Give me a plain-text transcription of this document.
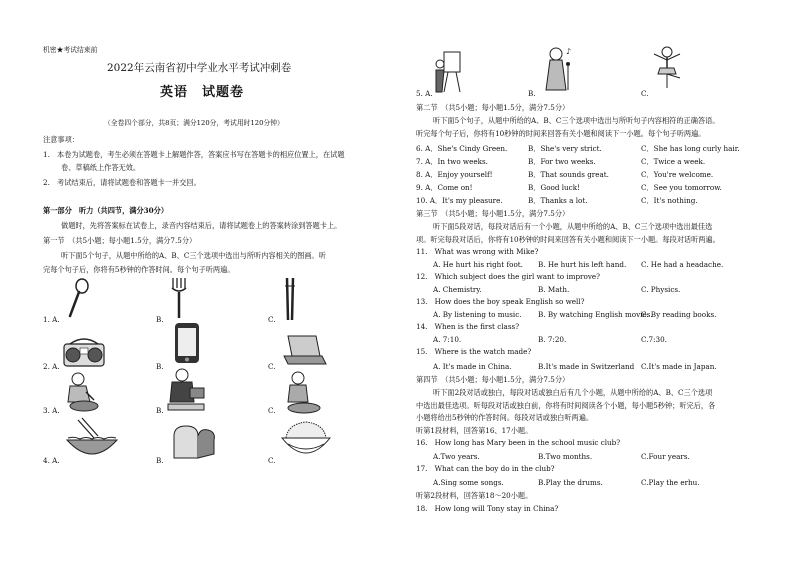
机密★考试结束前
2022年云南省初中学业水平考试冲刺卷
英语　试题卷
（全卷四个部分，共8页；满分120分，考试用时120分钟）
注意事项：
1.　本卷为试题卷，考生必须在答题卡上解题作答，答案应书写在答题卡的相应位置上，在试题
卷、草稿纸上作答无效。
2.　考试结束后，请将试题卷和答题卡一并交回。
第一部分　听力（共四节，满分30分）
做题时，先将答案标在试卷上，录音内容结束后，请将试题卷上的答案转涂到答题卡上。
第一节　（共5小题；每小题1.5分，满分7.5分）
听下面5个句子，从题中所给的A、B、C三个选项中选出与所听内容相关的图画。听
完每个句子后，你将有5秒钟的作答时间。每个句子听两遍。
1. A.	B.	C.
2. A.	B.	C.
3. A.	B.	C.
4. A.	B.	C.
5. A.	B.	C.
♪
第二节　（共5小题；每小题1.5分，满分7.5分）
听下面5个句子，从题中所给的A、B、C三个选项中选出与所听句子内容相符的正确答语。
听完每个句子后，你将有10秒钟的时间来回答有关小题和阅读下一小题。每个句子听两遍。
6. A．She's Cindy Green.	B．She's very strict.	C．She has long curly hair.
7. A．In two weeks.	B．For two weeks.	C．Twice a week.
8. A．Enjoy yourself!	B．That sounds great.	C．You're welcome.
9. A．Come on!	B．Good luck!	C．See you tomorrow.
10. A．It's my pleasure.	B．Thanks a lot.	C．It's nothing.
第三节　（共5小题；每小题1.5分，满分7.5分）
听下面5段对话，每段对话后有一个小题，从题中所给的A、B、C三个选项中选出最佳选
项。听完每段对话后，你将有10秒钟的时间来回答有关小题和阅读下一小题。每段对话听两遍。
11.　What was wrong with Mike?
A. He hurt his right foot. B. He hurt his left hand. C. He had a headache.
12.　Which subject does the girl want to improve?
A. Chemistry.	B. Math.	C. Physics.
13.　How does the boy speak English so well?
A. By listening to music. B. By watching English movies.
C. By reading books.
14.　When is the first class?
A. 7:10.	B. 7:20.	C.7:30.
15.　Where is the watch made?
A. It's made in China.	B.It's made in Switzerland C.It's made in Japan.
第四节　（共5小题；每小题1.5分，满分7.5分）
听下面2段对话或独白，每段对话或独白后有几个小题，从题中所给的A、B、C三个选项
中选出最佳选项。听每段对话或独白前，你将有时间阅读各个小题，每小题5秒钟；听完后，各
小题将给出5秒钟的作答时间。每段对话或独白听两遍。
听第1段材料，回答第16、17小题。
16.　How long has Mary been in the school music club?
A.Two years.	B.Two months.	C.Four years.
17.　What can the boy do in the club?
A.Sing some songs.	B.Play the drums.	C.Play the erhu.
听第2段材料，回答第18～20小题。
18.　How long will Tony stay in China?
